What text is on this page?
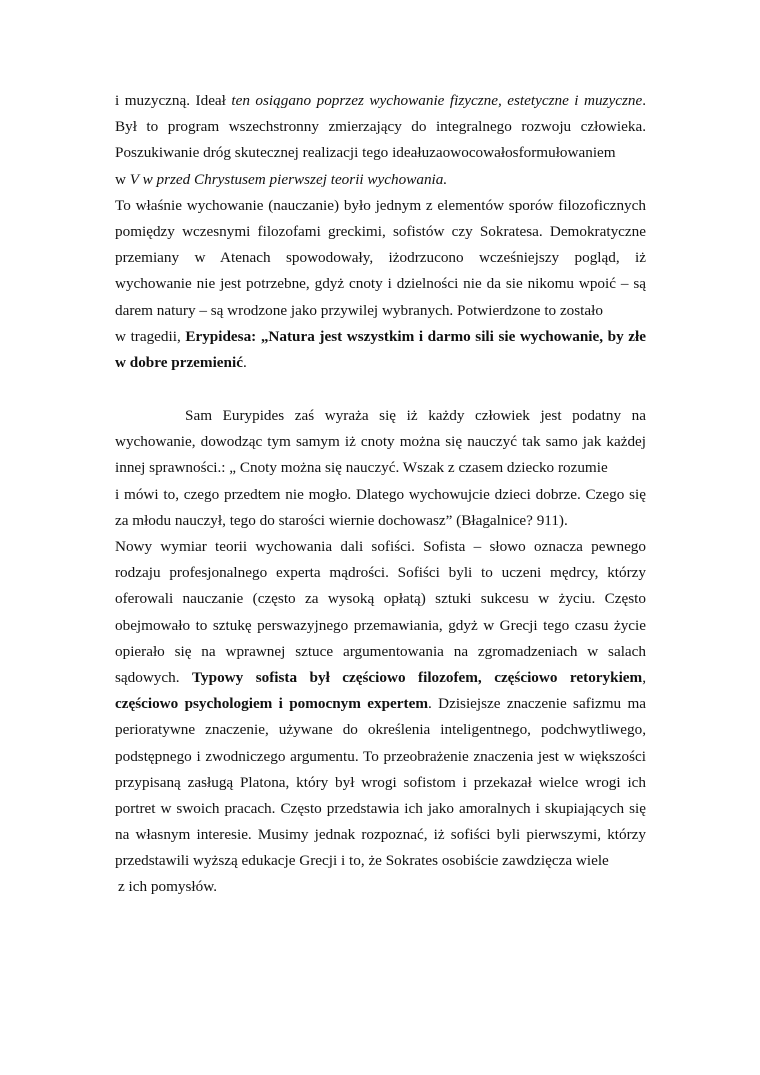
i muzyczną. Ideał ten osiągano poprzez wychowanie fizyczne, estetyczne i muzyczne.
Był to program wszechstronny zmierzający do integralnego rozwoju człowieka.
Poszukiwanie dróg skutecznej realizacji tego ideałuzaowocowałosformułowaniem
w V w przed Chrystusem pierwszej teorii wychowania.
To właśnie wychowanie (nauczanie) było jednym z elementów sporów filozoficznych
pomiędzy wczesnymi filozofami greckimi, sofistów czy Sokratesa. Demokratyczne
przemiany w Atenach spowodowały, iżodrzucono wcześniejszy pogląd, iż
wychowanie nie jest potrzebne, gdyż cnoty i dzielności nie da sie nikomu wpoić – są
darem natury – są wrodzone jako przywilej wybranych. Potwierdzone to zostało
w tragedii, Erypidesa: „Natura jest wszystkim i darmo sili sie wychowanie, by złe
w dobre przemienić.
Sam Eurypides zaś wyraża się iż każdy człowiek jest podatny na
wychowanie, dowodząc tym samym iż cnoty można się nauczyć tak samo jak każdej
innej sprawności.: „ Cnoty można się nauczyć. Wszak z czasem dziecko rozumie
i mówi to, czego przedtem nie mogło. Dlatego wychowujcie dzieci dobrze. Czego się
za młodu nauczył, tego do starości wiernie dochowasz” (Błagalnice? 911).
Nowy wymiar teorii wychowania dali sofiści. Sofista – słowo oznacza pewnego
rodzaju profesjonalnego experta mądrości. Sofiści byli to uczeni mędrcy, którzy
oferowali nauczanie (często za wysoką opłatą) sztuki sukcesu w życiu. Często
obejmowało to sztukę perswazyjnego przemawiania, gdyż w Grecji tego czasu życie
opierało się na wprawnej sztuce argumentowania na zgromadzeniach w salach
sądowych. Typowy sofista był częściowo filozofem, częściowo retorykiem,
częściowo psychologiem i pomocnym expertem. Dzisiejsze znaczenie safizmu ma
perioratywne znaczenie, używane do określenia inteligentnego, podchwytliwego,
podstępnego i zwodniczego argumentu. To przeobrażenie znaczenia jest w większości
przypisaną zasługą Platona, który był wrogi sofistom i przekazał wielce wrogi ich
portret w swoich pracach. Często przedstawia ich jako amoralnych i skupiających się
na własnym interesie. Musimy jednak rozpoznać, iż sofiści byli pierwszymi, którzy
przedstawili wyższą edukacje Grecji i to, że Sokrates osobiście zawdzięcza wiele
z ich pomysłów.
